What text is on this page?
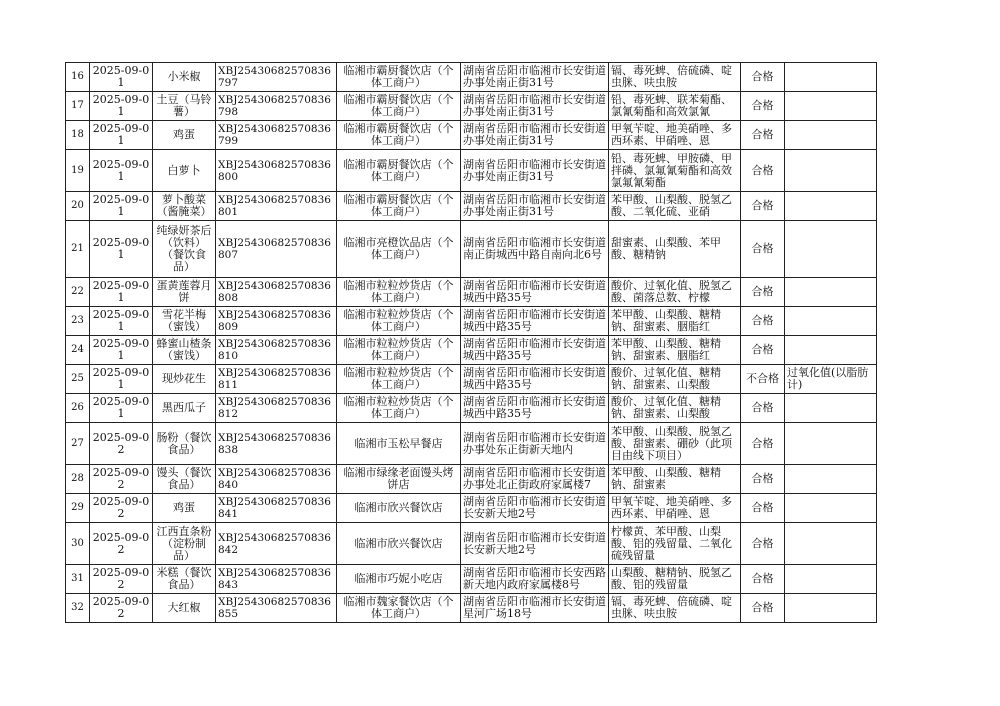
16	2025-09-01	小米椒	XBJ25430682570836797	临湘市霸厨餐饮店（个体工商户）	湖南省岳阳市临湘市长安街道办事处南正街31号	镉、毒死蜱、倍硫磷、啶虫脒、呋虫胺	合格	
17	2025-09-01	土豆（马铃薯）	XBJ25430682570836798	临湘市霸厨餐饮店（个体工商户）	湖南省岳阳市临湘市长安街道办事处南正街31号	铅、毒死蜱、联苯菊酯、氯氰菊酯和高效氯氰	合格	
18	2025-09-01	鸡蛋	XBJ25430682570836799	临湘市霸厨餐饮店（个体工商户）	湖南省岳阳市临湘市长安街道办事处南正街31号	甲氧苄啶、地美硝唑、多西环素、甲硝唑、恩	合格	
19	2025-09-01	白萝卜	XBJ25430682570836800	临湘市霸厨餐饮店（个体工商户）	湖南省岳阳市临湘市长安街道办事处南正街31号	铅、毒死蜱、甲胺磷、甲拌磷、氯氟氰菊酯和高效氯氟氰菊酯	合格	
20	2025-09-01	萝卜酸菜（酱腌菜）	XBJ25430682570836801	临湘市霸厨餐饮店（个体工商户）	湖南省岳阳市临湘市长安街道办事处南正街31号	苯甲酸、山梨酸、脱氢乙酸、二氧化硫、亚硝	合格	
21	2025-09-01	纯绿妍茶后（饮料）（餐饮食品）	XBJ25430682570836807	临湘市亮橙饮品店（个体工商户）	湖南省岳阳市临湘市长安街道南正街城西中路自南向北6号	甜蜜素、山梨酸、苯甲酸、糖精钠	合格	
22	2025-09-01	蛋黄莲蓉月饼	XBJ25430682570836808	临湘市粒粒炒货店（个体工商户）	湖南省岳阳市临湘市长安街道城西中路35号	酸价、过氧化值、脱氢乙酸、菌落总数、柠檬	合格	
23	2025-09-01	雪花半梅（蜜饯）	XBJ25430682570836809	临湘市粒粒炒货店（个体工商户）	湖南省岳阳市临湘市长安街道城西中路35号	苯甲酸、山梨酸、糖精钠、甜蜜素、胭脂红	合格	
24	2025-09-01	蜂蜜山楂条（蜜饯）	XBJ25430682570836810	临湘市粒粒炒货店（个体工商户）	湖南省岳阳市临湘市长安街道城西中路35号	苯甲酸、山梨酸、糖精钠、甜蜜素、胭脂红	合格	
25	2025-09-01	现炒花生	XBJ25430682570836811	临湘市粒粒炒货店（个体工商户）	湖南省岳阳市临湘市长安街道城西中路35号	酸价、过氧化值、糖精钠、甜蜜素、山梨酸	不合格	过氧化值(以脂肪计)
26	2025-09-01	黑西瓜子	XBJ25430682570836812	临湘市粒粒炒货店（个体工商户）	湖南省岳阳市临湘市长安街道城西中路35号	酸价、过氧化值、糖精钠、甜蜜素、山梨酸	合格	
27	2025-09-02	肠粉（餐饮食品）	XBJ25430682570836838	临湘市玉松早餐店	湖南省岳阳市临湘市长安街道办事处东正街新天地内	苯甲酸、山梨酸、脱氢乙酸、甜蜜素、硼砂（此项目由线下项目）	合格	
28	2025-09-02	馒头（餐饮食品）	XBJ25430682570836840	临湘市绿缘老面馒头烤饼店	湖南省岳阳市临湘市长安街道办事处北正街政府家属楼7	苯甲酸、山梨酸、糖精钠、甜蜜素	合格	
29	2025-09-02	鸡蛋	XBJ25430682570836841	临湘市欣兴餐饮店	湖南省岳阳市临湘市长安街道长安新天地2号	甲氧苄啶、地美硝唑、多西环素、甲硝唑、恩	合格	
30	2025-09-02	江西直条粉（淀粉制品）	XBJ25430682570836842	临湘市欣兴餐饮店	湖南省岳阳市临湘市长安街道长安新天地2号	柠檬黄、苯甲酸、山梨酸、铝的残留量、二氧化硫残留量	合格	
31	2025-09-02	米糕（餐饮食品）	XBJ25430682570836843	临湘市巧妮小吃店	湖南省岳阳市临湘市长安西路新天地内政府家属楼8号	山梨酸、糖精钠、脱氢乙酸、铝的残留量	合格	
32	2025-09-02	大红椒	XBJ25430682570836855	临湘市魏家餐饮店（个体工商户）	湖南省岳阳市临湘市长安街道星河广场18号	镉、毒死蜱、倍硫磷、啶虫脒、呋虫胺	合格	
